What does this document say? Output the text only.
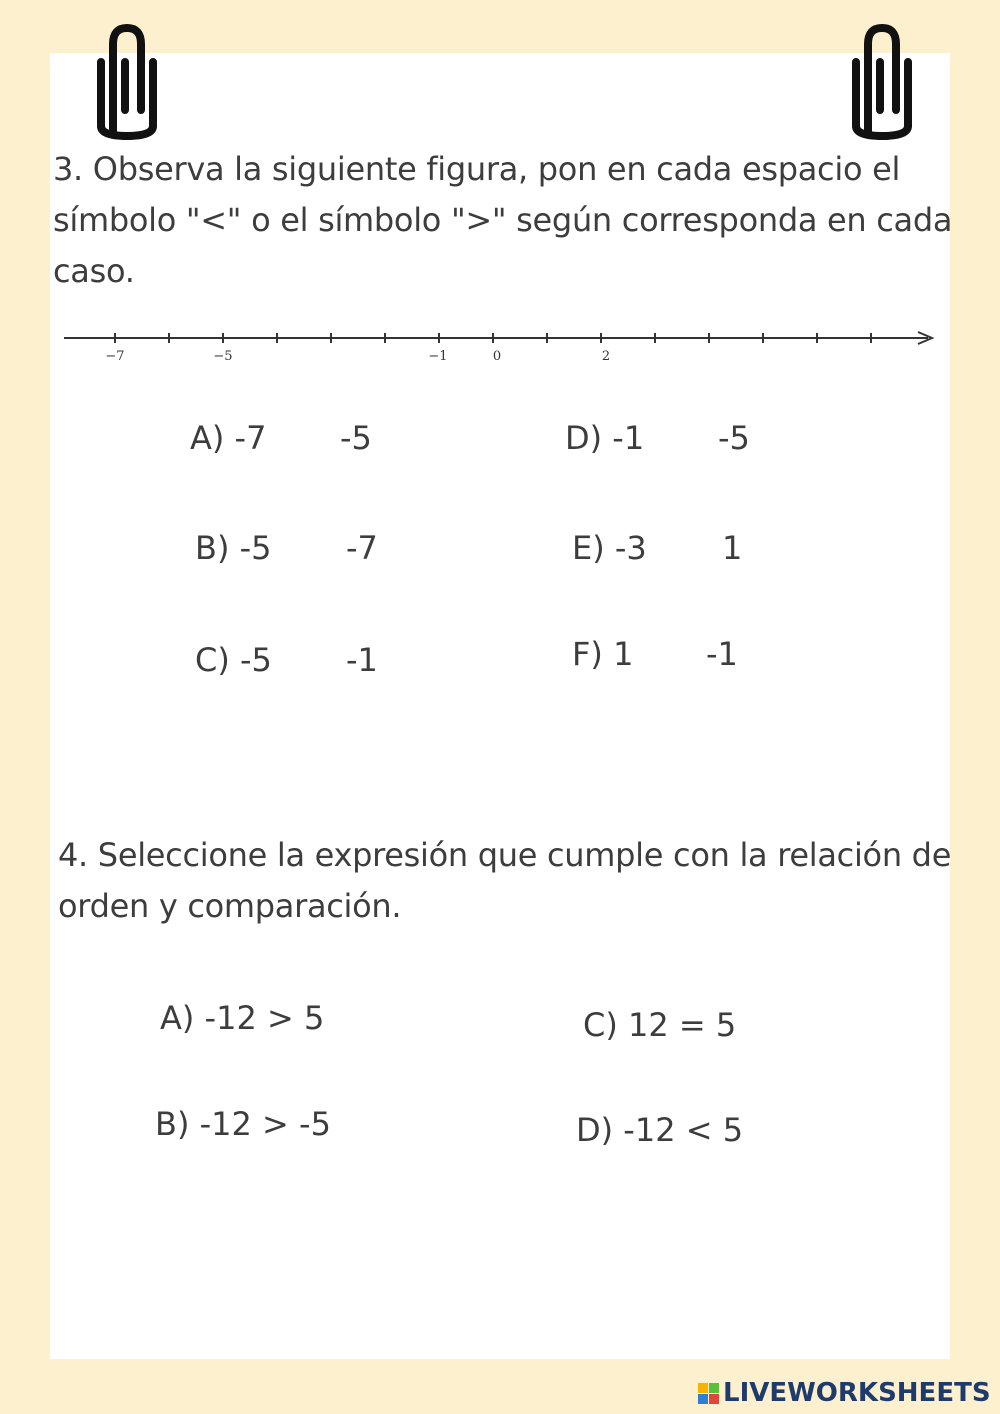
3. Observa la siguiente figura, pon en cada espacio el símbolo "<" o el símbolo ">" según corresponda en cada caso.
−7	−5	−1	0	2
A) -7 -5
B) -5 -7
C) -5 -1
D) -1 -5
E) -3 1
F) 1 -1
4. Seleccione la expresión que cumple con la relación de orden y comparación.
A) -12 > 5
B) -12 > -5
C) 12 = 5
D) -12 < 5
LIVEWORKSHEETS
